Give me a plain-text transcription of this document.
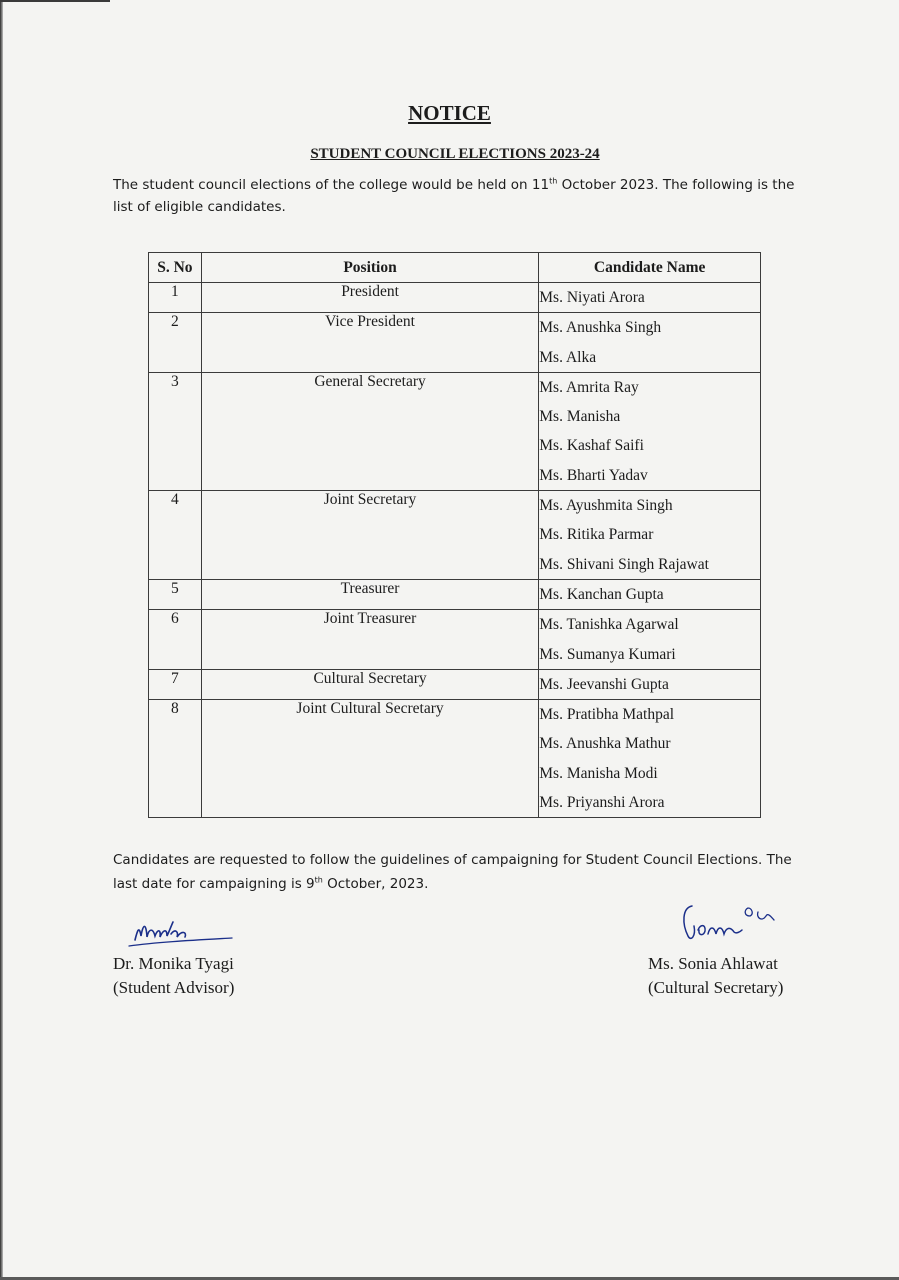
NOTICE
STUDENT COUNCIL ELECTIONS 2023-24
The student council elections of the college would be held on 11th October 2023. The following is the list of eligible candidates.
S. No	Position	Candidate Name
1	President	Ms. Niyati Arora

2	Vice President	Ms. Anushka Singh
Ms. Alka

3	General Secretary	Ms. Amrita Ray
Ms. Manisha
Ms. Kashaf Saifi
Ms. Bharti Yadav

4	Joint Secretary	Ms. Ayushmita Singh
Ms. Ritika Parmar
Ms. Shivani Singh Rajawat

5	Treasurer	Ms. Kanchan Gupta

6	Joint Treasurer	Ms. Tanishka Agarwal
Ms. Sumanya Kumari

7	Cultural Secretary	Ms. Jeevanshi Gupta

8	Joint Cultural Secretary	Ms. Pratibha Mathpal
Ms. Anushka Mathur
Ms. Manisha Modi
Ms. Priyanshi Arora
Candidates are requested to follow the guidelines of campaigning for Student Council Elections. The last date for campaigning is 9th October, 2023.
Dr. Monika Tyagi
(Student Advisor)
Ms. Sonia Ahlawat
(Cultural Secretary)
